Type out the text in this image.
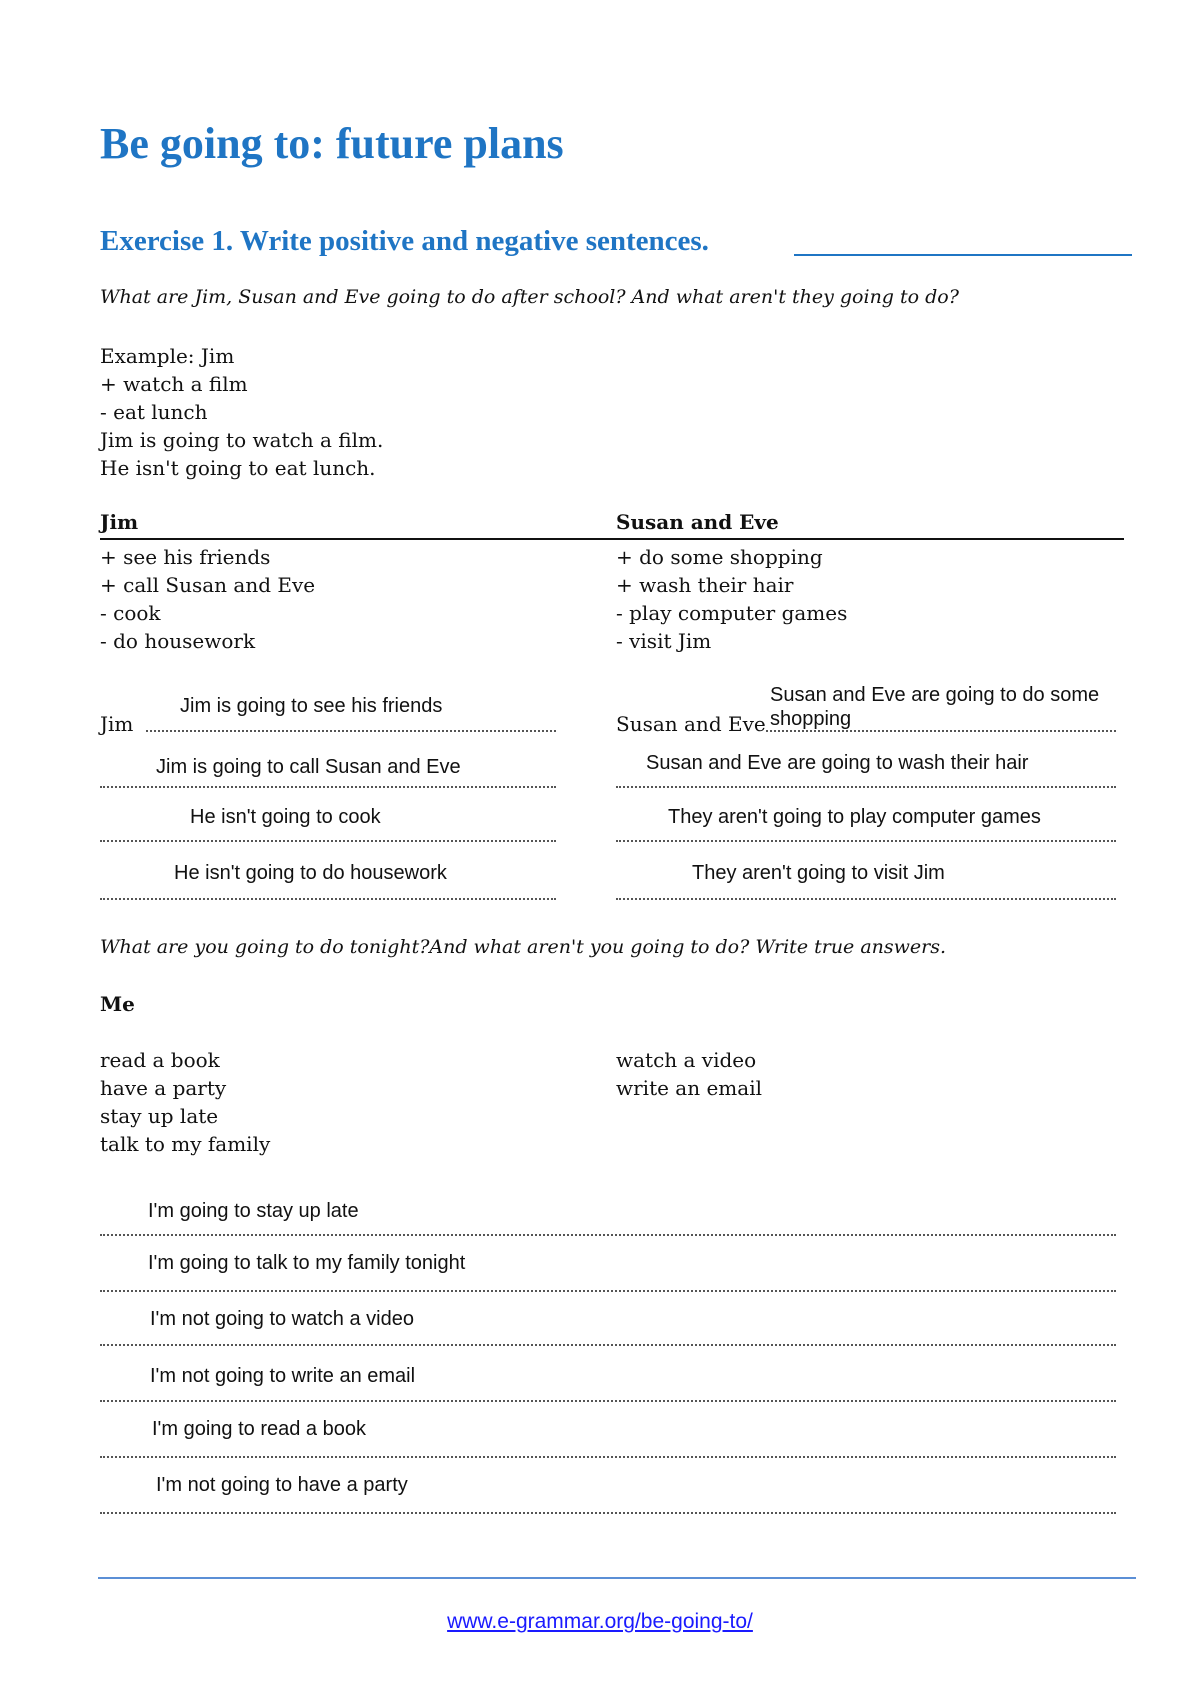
Be going to: future plans
Exercise 1. Write positive and negative sentences.
What are Jim, Susan and Eve going to do after school? And what aren't they going to do?
Example: Jim
+ watch a film
- eat lunch
Jim is going to watch a film.
He isn't going to eat lunch.
Jim	Susan and Eve
+ see his friends
+ call Susan and Eve
- cook
- do housework
+ do some shopping
+ wash their hair
- play computer games
- visit Jim
Jim
Jim is going to see his friends
Jim is going to call Susan and Eve
He isn't going to cook
He isn't going to do housework
Susan and Eve
Susan and Eve are going to do some shopping
Susan and Eve are going to wash their hair
They aren't going to play computer games
They aren't going to visit Jim
What are you going to do tonight?And what aren't you going to do? Write true answers.
Me
read a book
have a party
stay up late
talk to my family
watch a video
write an email
I'm going to stay up late
I'm going to talk to my family tonight
I'm not going to watch a video
I'm not going to write an email
I'm going to read a book
I'm not going to have a party
www.e-grammar.org/be-going-to/
